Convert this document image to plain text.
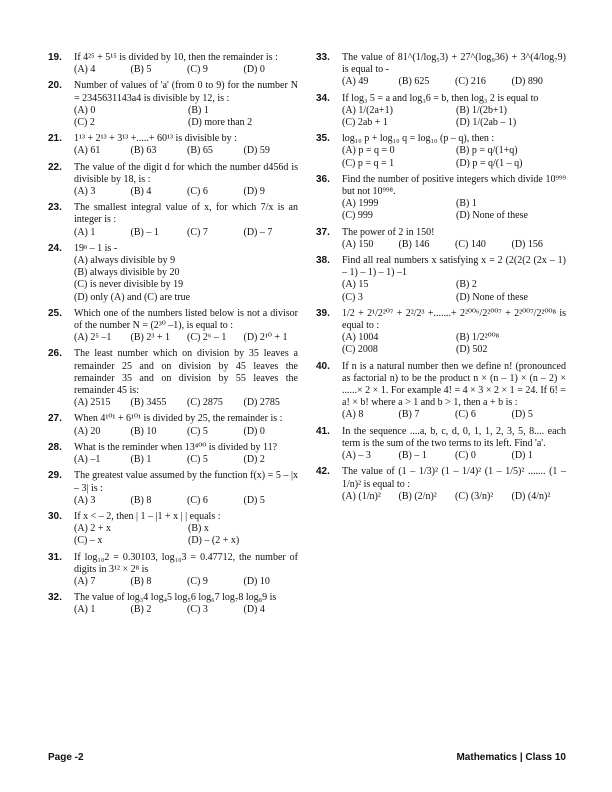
19. If 4²⁵ + 5¹⁵ is divided by 10, then the remainder is :
(A) 4	(B) 5	(C) 9	(D) 0
20. Number of values of 'a' (from 0 to 9) for the number N = 2345631143a4 is divisible by 12, is :
(A) 0	(B) 1
(C) 2	(D) more than 2
21. 1¹³ + 2¹³ + 3¹³ +.....+ 60¹³ is divisible by :
(A) 61	(B) 63	(B) 65	(D) 59
22. The value of the digit d for which the number d456d is divisible by 18, is :
(A) 3	(B) 4	(C) 6	(D) 9
23. The smallest integral value of x, for which 7/x is an integer is :
(A) 1	(B) – 1	(C) 7	(D) – 7
24. 19ⁿ – 1 is -
(A) always divisible by 9
(B) always divisible by 20
(C) is never divisible by 19
(D) only (A) and (C) are true
25. Which one of the numbers listed below is not a divisor of the number N = (2³⁰ –1), is equal to :
(A) 2⁵ –1	(B) 2³ + 1	(C) 2⁶ – 1	(D) 2¹⁰ + 1
26. The least number which on division by 35 leaves a remainder 25 and on division by 45 leaves the remainder 35 and on division by 55 leaves the remainder 45 is:
(A) 2515	(B) 3455	(C) 2875	(D) 2785
27. When 4¹⁰¹ + 6¹⁰¹ is divided by 25, the remainder is :
(A) 20	(B) 10	(C) 5	(D) 0
28. What is the reminder when 13⁴⁰⁰ is divided by 11?
(A) –1	(B) 1	(C) 5	(D) 2
29. The greatest value assumed by the function f(x) = 5 – |x – 3| is :
(A) 3	(B) 8	(C) 6	(D) 5
30. If x < – 2, then | 1 – |1 + x | | equals :
(A) 2 + x	(B) x
(C) – x	(D) – (2 + x)
31. If log₁₀2 = 0.30103, log₁₀3 = 0.47712, the number of digits in 3¹² × 2⁸ is
(A) 7	(B) 8	(C) 9	(D) 10
32. The value of log₃4 log₄5 log₅6 log₆7 log₇8 log₈9 is
(A) 1	(B) 2	(C) 3	(D) 4
33. The value of 81^(1/log₅3) + 27^(log₉36) + 3^(4/log₇9) is equal to -
(A) 49	(B) 625	(C) 216	(D) 890
34. If log₃ 5 = a and log₃6 = b, then log₃ 2 is equal to
(A) 1/(2a+1)	(B) 1/(2b+1)
(C) 2ab + 1	(D) 1/(2ab – 1)
35. log₁₀ p + log₁₀ q = log₁₀ (p – q), then :
(A) p = q = 0	(B) p = q/(1+q)
(C) p = q = 1	(D) p = q/(1 – q)
36. Find the number of positive integers which divide 10⁹⁹⁹ but not 10⁹⁹⁸.
(A) 1999	(B) 1
(C) 999	(D) None of these
37. The power of 2 in 150!
(A) 150	(B) 146	(C) 140	(D) 156
38. Find all real numbers x satisfying x = 2 (2(2(2 (2x – 1) – 1) – 1) – 1) –1
(A) 15	(B) 2
(C) 3	(D) None of these
39. 1/2 + 2¹/2²⁰⁷ + 2²/2³ +.......+ 2²⁰⁰⁶/2²⁰⁰⁷ + 2²⁰⁰⁷/2²⁰⁰⁸ is equal to :
(A) 1004	(B) 1/2²⁰⁰⁸
(C) 2008	(D) 502
40. If n is a natural number then we define n! (pronounced as factorial n) to be the product n × (n – 1) × (n – 2) × ......× 2 × 1. For example 4! = 4 × 3 × 2 × 1 = 24. If 6! = a! × b! where a > 1 and b > 1, then a + b is :
(A) 8	(B) 7	(C) 6	(D) 5
41. In the sequence ....a, b, c, d, 0, 1, 1, 2, 3, 5, 8.... each term is the sum of the two terms to its left. Find 'a'.
(A) – 3	(B) – 1	(C) 0	(D) 1
42. The value of (1 – 1/3)² (1 – 1/4)² (1 – 1/5)² ....... (1 – 1/n)² is equal to :
(A) (1/n)²	(B) (2/n)²	(C) (3/n)²	(D) (4/n)²
Page -2	Mathematics | Class 10
